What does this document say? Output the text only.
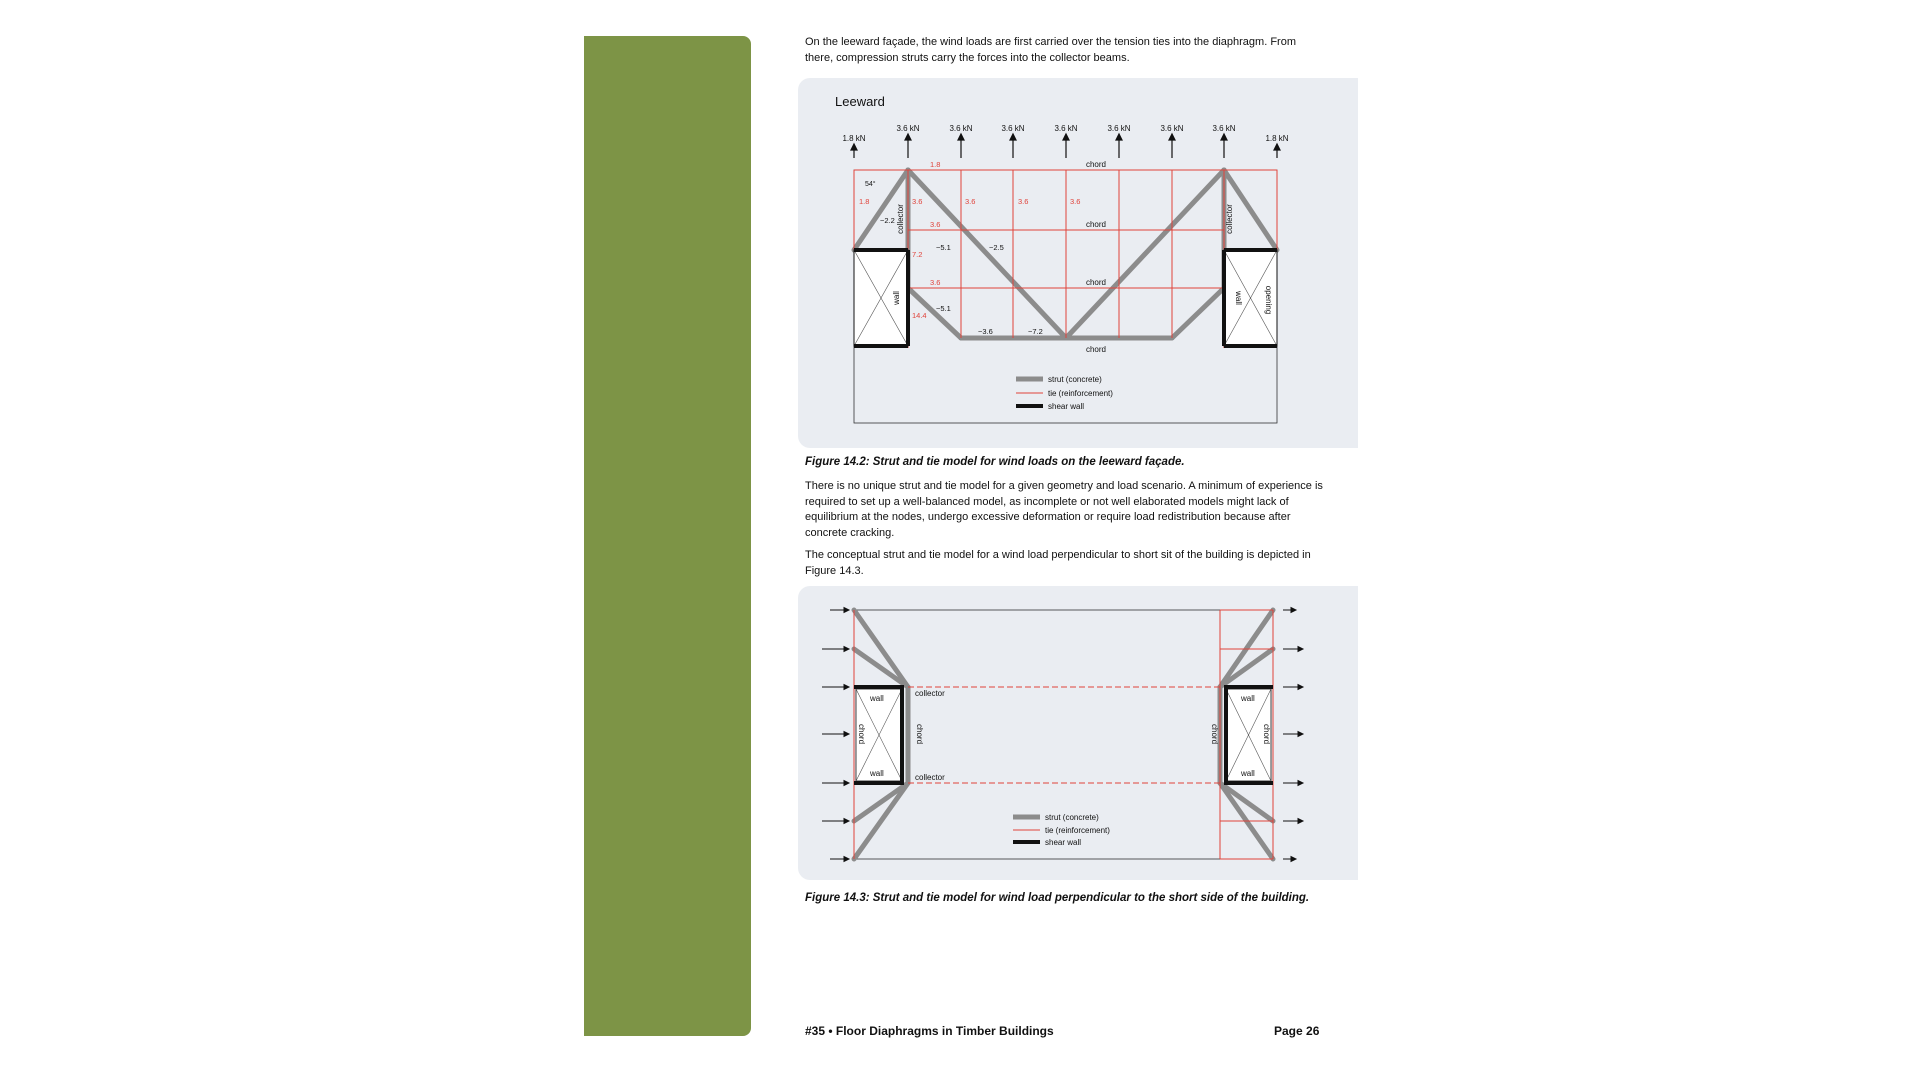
On the leeward façade, the wind loads are first carried over the tension ties into the diaphragm. From there, compression struts carry the forces into the collector beams.

Leeward
1.8 kN
3.6 kN	3.6 kN	3.6 kN	3.6 kN	3.6 kN	3.6 kN	3.6 kN
1.8 kN
chord
chord
chord
chord
collector	collector
wall	wall	opening
54°
1.8
1.8	3.6	3.6	3.6	3.6
3.6
7.2
3.6
14.4
−2.2
−5.1	−2.5
−5.1
−3.6	−7.2
strut (concrete)
tie (reinforcement)
shear wall

Figure 14.2: Strut and tie model for wind loads on the leeward façade.

There is no unique strut and tie model for a given geometry and load scenario. A minimum of experience is required to set up a well-balanced model, as incomplete or not well elaborated models might lack of equilibrium at the nodes, undergo excessive deformation or require load redistribution because after concrete cracking.

The conceptual strut and tie model for a wind load perpendicular to short sit of the building is depicted in Figure 14.3.

collector
collector
wall
wall
wall
wall
chord	chord	chord	chord
strut (concrete)
tie (reinforcement)
shear wall

Figure 14.3: Strut and tie model for wind load perpendicular to the short side of the building.

#35 • Floor Diaphragms in Timber Buildings	Page 26
